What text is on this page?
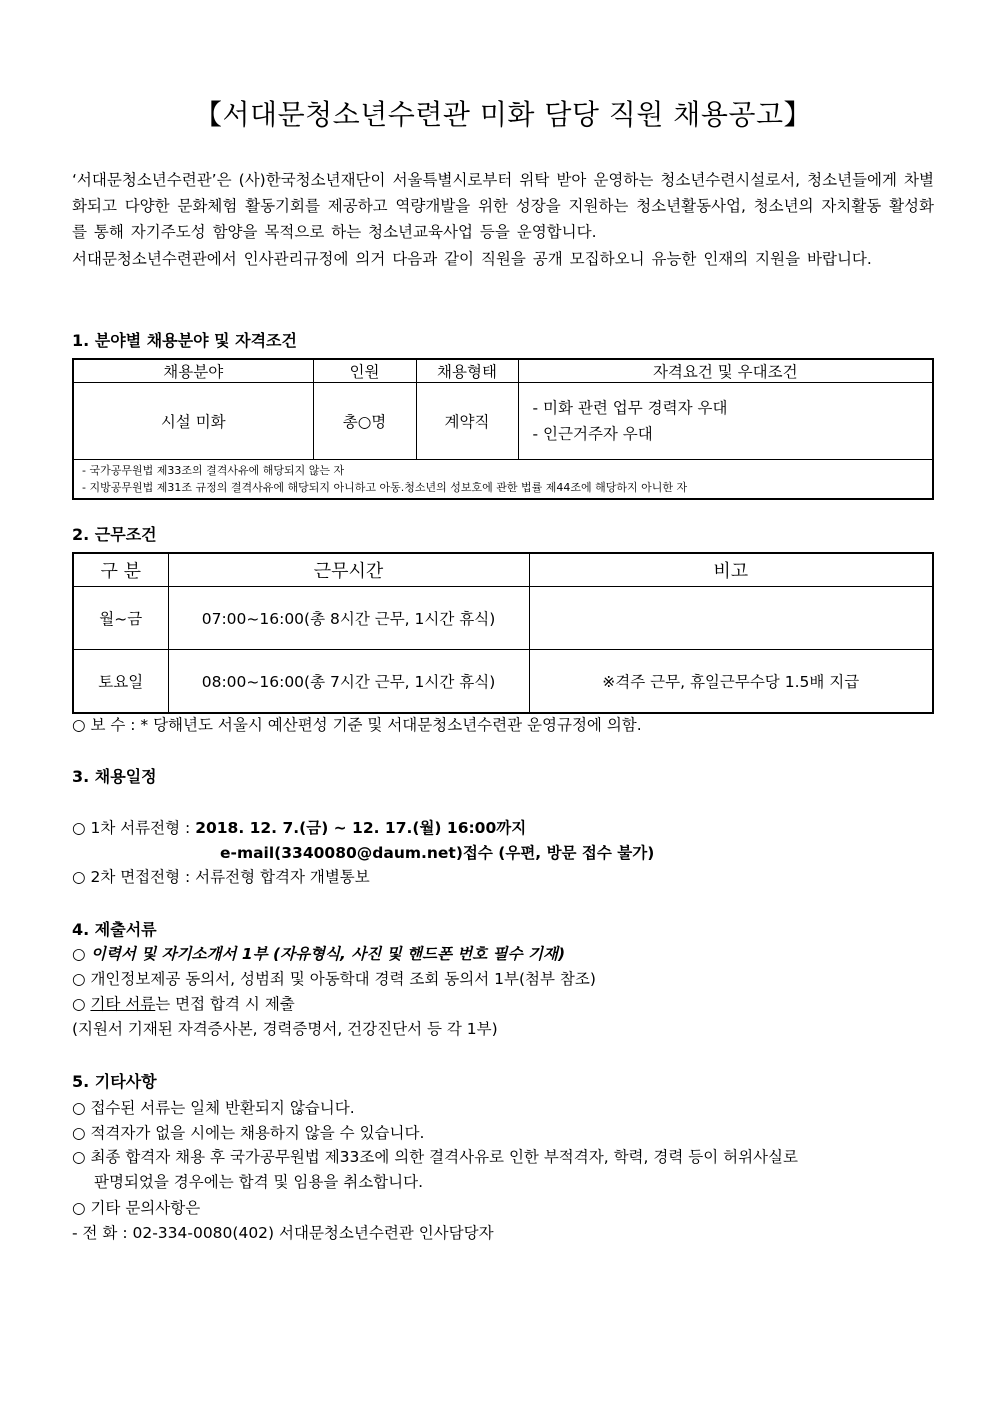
【서대문청소년수련관 미화 담당 직원 채용공고】
‘서대문청소년수련관’은 (사)한국청소년재단이 서울특별시로부터 위탁 받아 운영하는 청소년수련시설로서, 청소년들에게 차별화되고 다양한 문화체험 활동기회를 제공하고 역량개발을 위한 성장을 지원하는 청소년활동사업, 청소년의 자치활동 활성화를 통해 자기주도성 함양을 목적으로 하는 청소년교육사업 등을 운영합니다.
서대문청소년수련관에서 인사관리규정에 의거 다음과 같이 직원을 공개 모집하오니 유능한 인재의 지원을 바랍니다.
1. 분야별 채용분야 및 자격조건
채용분야	인원	채용형태	자격요건 및 우대조건
시설 미화	총○명	계약직	- 미화 관련 업무 경력자 우대
- 인근거주자 우대

- 국가공무원법 제33조의 결격사유에 해당되지 않는 자
- 지방공무원법 제31조 규정의 결격사유에 해당되지 아니하고 아동.청소년의 성보호에 관한 법률 제44조에 해당하지 아니한 자			
2. 근무조건
구 분	근무시간	비고
월~금	07:00~16:00(총 8시간 근무, 1시간 휴식)	
토요일	08:00~16:00(총 7시간 근무, 1시간 휴식)	※격주 근무, 휴일근무수당 1.5배 지급
○ 보 수 : * 당해년도 서울시 예산편성 기준 및 서대문청소년수련관 운영규정에 의함.
3. 채용일정
○ 1차 서류전형 : 2018. 12. 7.(금) ~ 12. 17.(월) 16:00까지
e-mail(3340080@daum.net)접수 (우편, 방문 접수 불가)
○ 2차 면접전형 : 서류전형 합격자 개별통보
4. 제출서류
○ 이력서 및 자기소개서 1부 (자유형식, 사진 및 핸드폰 번호 필수 기재)
○ 개인정보제공 동의서, 성범죄 및 아동학대 경력 조회 동의서 1부(첨부 참조)
○ 기타 서류는 면접 합격 시 제출
(지원서 기재된 자격증사본, 경력증명서, 건강진단서 등 각 1부)
5. 기타사항
○ 접수된 서류는 일체 반환되지 않습니다.
○ 적격자가 없을 시에는 채용하지 않을 수 있습니다.
○ 최종 합격자 채용 후 국가공무원법 제33조에 의한 결격사유로 인한 부적격자, 학력, 경력 등이 허위사실로
판명되었을 경우에는 합격 및 임용을 취소합니다.
○ 기타 문의사항은
- 전 화 : 02-334-0080(402) 서대문청소년수련관 인사담당자
